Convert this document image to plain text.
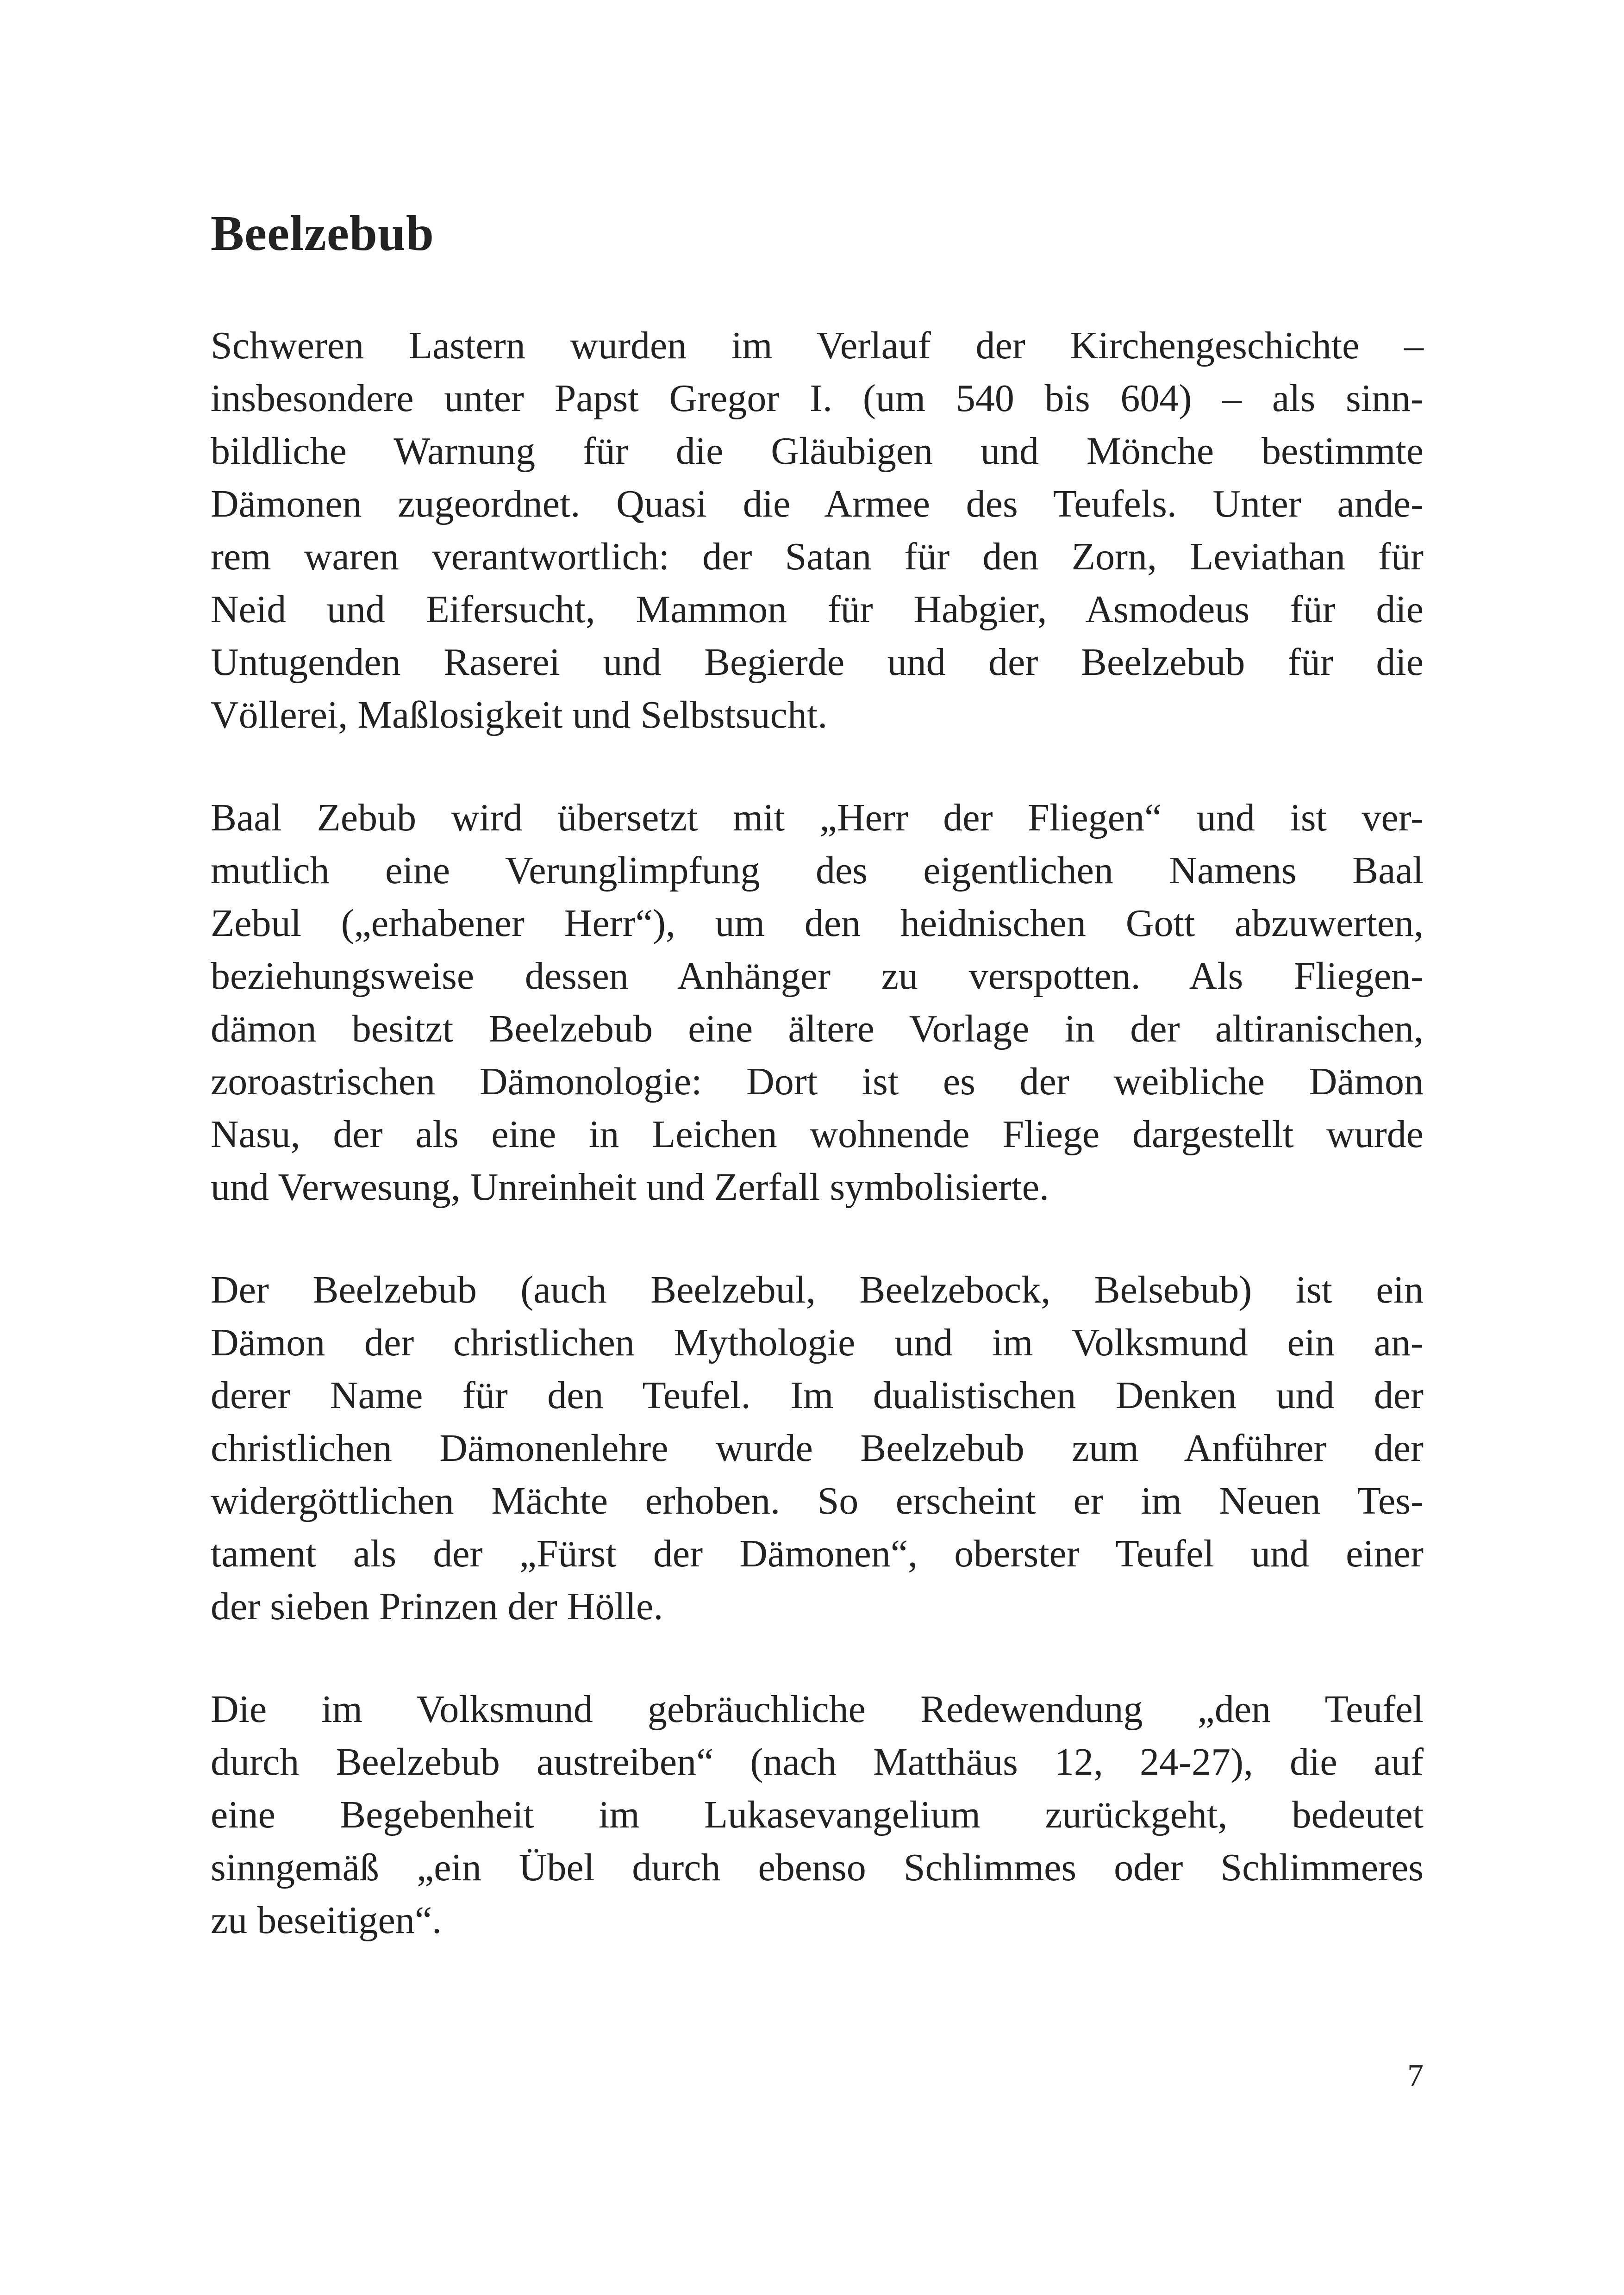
Beelzebub

Schweren Lastern wurden im Verlauf der Kirchengeschichte –
insbesondere unter Papst Gregor I. (um 540 bis 604) – als sinn-
bildliche Warnung für die Gläubigen und Mönche bestimmte
Dämonen zugeordnet. Quasi die Armee des Teufels. Unter ande-
rem waren verantwortlich: der Satan für den Zorn, Leviathan für
Neid und Eifersucht, Mammon für Habgier, Asmodeus für die
Untugenden Raserei und Begierde und der Beelzebub für die
Völlerei, Maßlosigkeit und Selbstsucht.

Baal Zebub wird übersetzt mit „Herr der Fliegen“ und ist ver-
mutlich eine Verunglimpfung des eigentlichen Namens Baal
Zebul („erhabener Herr“), um den heidnischen Gott abzuwerten,
beziehungsweise dessen Anhänger zu verspotten. Als Fliegen-
dämon besitzt Beelzebub eine ältere Vorlage in der altiranischen,
zoroastrischen Dämonologie: Dort ist es der weibliche Dämon
Nasu, der als eine in Leichen wohnende Fliege dargestellt wurde
und Verwesung, Unreinheit und Zerfall symbolisierte.

Der Beelzebub (auch Beelzebul, Beelzebock, Belsebub) ist ein
Dämon der christlichen Mythologie und im Volksmund ein an-
derer Name für den Teufel. Im dualistischen Denken und der
christlichen Dämonenlehre wurde Beelzebub zum Anführer der
widergöttlichen Mächte erhoben. So erscheint er im Neuen Tes-
tament als der „Fürst der Dämonen“, oberster Teufel und einer
der sieben Prinzen der Hölle.

Die im Volksmund gebräuchliche Redewendung „den Teufel
durch Beelzebub austreiben“ (nach Matthäus 12, 24-27), die auf
eine Begebenheit im Lukasevangelium zurückgeht, bedeutet
sinngemäß „ein Übel durch ebenso Schlimmes oder Schlimmeres
zu beseitigen“.

7
